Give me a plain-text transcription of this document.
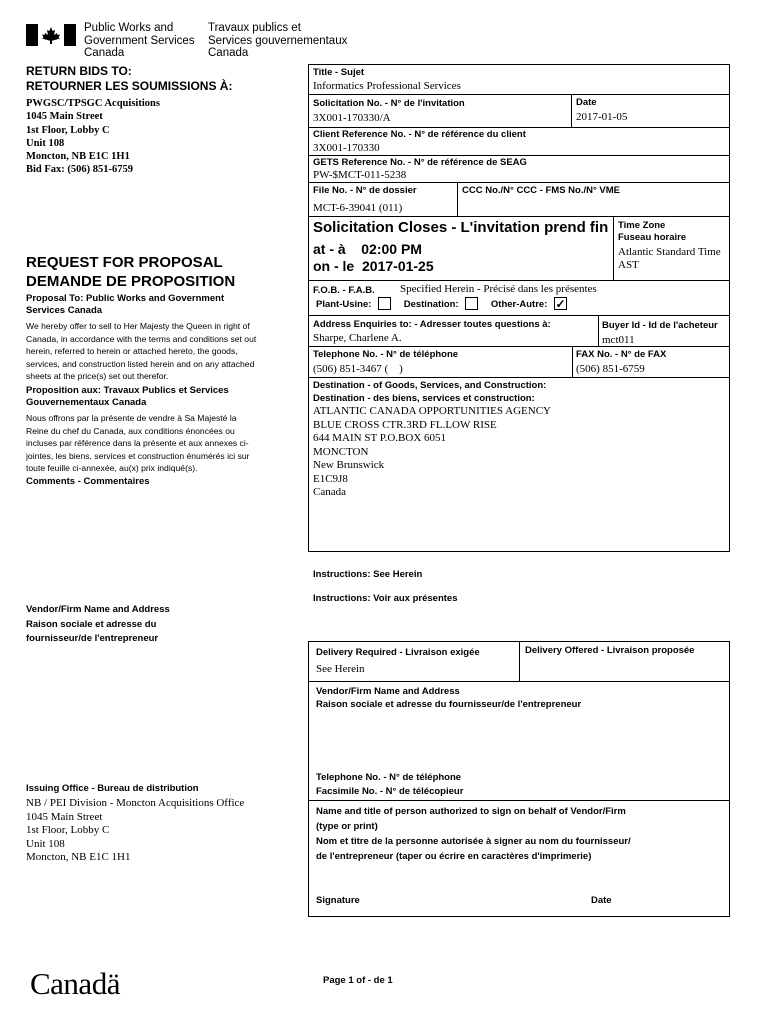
Public Works and
Government Services
Canada
Travaux publics et
Services gouvernementaux
Canada
RETURN BIDS TO:
RETOURNER LES SOUMISSIONS À:
PWGSC/TPSGC Acquisitions
1045 Main Street
1st Floor, Lobby C
Unit 108
Moncton, NB E1C 1H1
Bid Fax: (506) 851-6759
REQUEST FOR PROPOSAL
DEMANDE DE PROPOSITION
Proposal To: Public Works and Government Services Canada
We hereby offer to sell to Her Majesty the Queen in right of Canada, in accordance with the terms and conditions set out herein, referred to herein or attached hereto, the goods, services, and construction listed herein and on any attached sheets at the price(s) set out therefor.
Proposition aux: Travaux Publics et Services Gouvernementaux Canada
Nous offrons par la présente de vendre à Sa Majesté la Reine du chef du Canada, aux conditions énoncées ou incluses par référence dans la présente et aux annexes ci-jointes, les biens, services et construction énumérés ici sur toute feuille ci-annexée, au(x) prix indiqué(s).
Comments - Commentaires
Vendor/Firm Name and Address
Raison sociale et adresse du
fournisseur/de l'entrepreneur
Issuing Office - Bureau de distribution
NB / PEI Division - Moncton Acquisitions Office
1045 Main Street
1st Floor, Lobby C
Unit 108
Moncton, NB E1C 1H1
Title - Sujet
Informatics Professional Services
Solicitation No. - N° de l'invitation
3X001-170330/A
Date
2017-01-05
Client Reference No. - N° de référence du client
3X001-170330
GETS Reference No. - N° de référence de SEAG
PW-$MCT-011-5238
File No. - N° de dossier
MCT-6-39041 (011)
CCC No./N° CCC - FMS No./N° VME
Solicitation Closes - L'invitation prend fin
at - à 02:00 PM
on - le 2017-01-25
Time Zone
Fuseau horaire
Atlantic Standard Time
AST
F.O.B. - F.A.B. Specified Herein - Précisé dans les présentes
Plant-Usine:	Destination:	Other-Autre: ✓
Address Enquiries to: - Adresser toutes questions à:
Sharpe, Charlene A.
Buyer Id - Id de l'acheteur
mct011
Telephone No. - N° de téléphone
(506) 851-3467 (    )
FAX No. - N° de FAX
(506) 851-6759
Destination - of Goods, Services, and Construction:
Destination - des biens, services et construction:
ATLANTIC CANADA OPPORTUNITIES AGENCY
BLUE CROSS CTR.3RD FL.LOW RISE
644 MAIN ST P.O.BOX 6051
MONCTON
New Brunswick
E1C9J8
Canada
Instructions: See Herein
Instructions: Voir aux présentes
Delivery Required - Livraison exigée
See Herein
Delivery Offered - Livraison proposée
Vendor/Firm Name and Address
Raison sociale et adresse du fournisseur/de l'entrepreneur
Telephone No. - N° de téléphone
Facsimile No. - N° de télécopieur
Name and title of person authorized to sign on behalf of Vendor/Firm
(type or print)
Nom et titre de la personne autorisée à signer au nom du fournisseur/
de l'entrepreneur (taper ou écrire en caractères d'imprimerie)
Signature	Date
Canadä	Page 1 of - de 1
